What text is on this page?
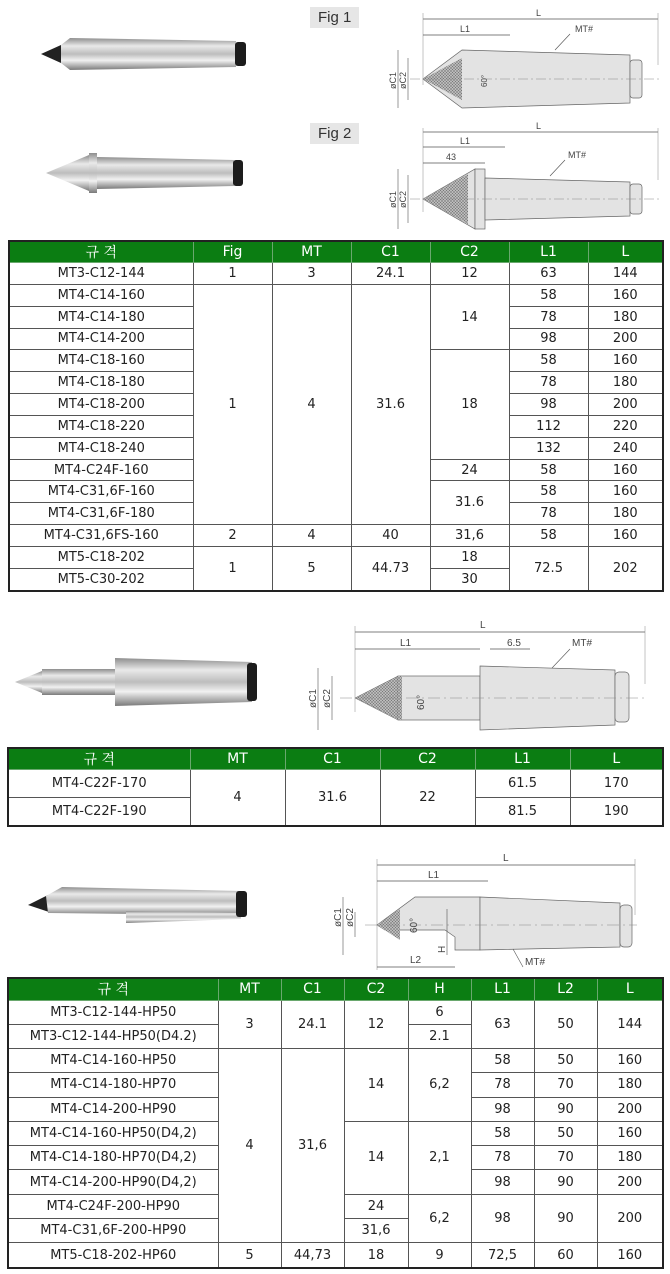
Fig 1	L
L1	MT#
øC1 øC2	60°
Fig 2	L
L1
43	MT#
øC1 øC2
규 격	Fig	MT	C1	C2	L1	L
MT3-C12-144	1	3	24.1	12	63	144
MT4-C14-160	1	4	31.6	14	58	160
MT4-C14-180					78	180
MT4-C14-200					98	200
MT4-C18-160				18	58	160
MT4-C18-180					78	180
MT4-C18-200					98	200
MT4-C18-220					112	220
MT4-C18-240					132	240
MT4-C24F-160				24	58	160
MT4-C31,6F-160				31.6	58	160
MT4-C31,6F-180					78	180
MT4-C31,6FS-160	2	4	40	31,6	58	160
MT5-C18-202	1	5	44.73	18	72.5	202
MT5-C30-202				30		
L
L1	6.5	MT#
øC1 øC2	60°
규 격	MT	C1	C2	L1	L
MT4-C22F-170	4	31.6	22	61.5	170
MT4-C22F-190				81.5	190
L
L1
øC1 øC2	60°
H
L2	MT#
규 격	MT	C1	C2	H	L1	L2	L
MT3-C12-144-HP50	3	24.1	12	6	63	50	144
MT3-C12-144-HP50(D4.2)				2.1			
MT4-C14-160-HP50	4	31,6	14	6,2	58	50	160
MT4-C14-180-HP70					78	70	180
MT4-C14-200-HP90					98	90	200
MT4-C14-160-HP50(D4,2)			14	2,1	58	50	160
MT4-C14-180-HP70(D4,2)					78	70	180
MT4-C14-200-HP90(D4,2)					98	90	200
MT4-C24F-200-HP90			24	6,2	98	90	200
MT4-C31,6F-200-HP90			31,6				
MT5-C18-202-HP60	5	44,73	18	9	72,5	60	160
